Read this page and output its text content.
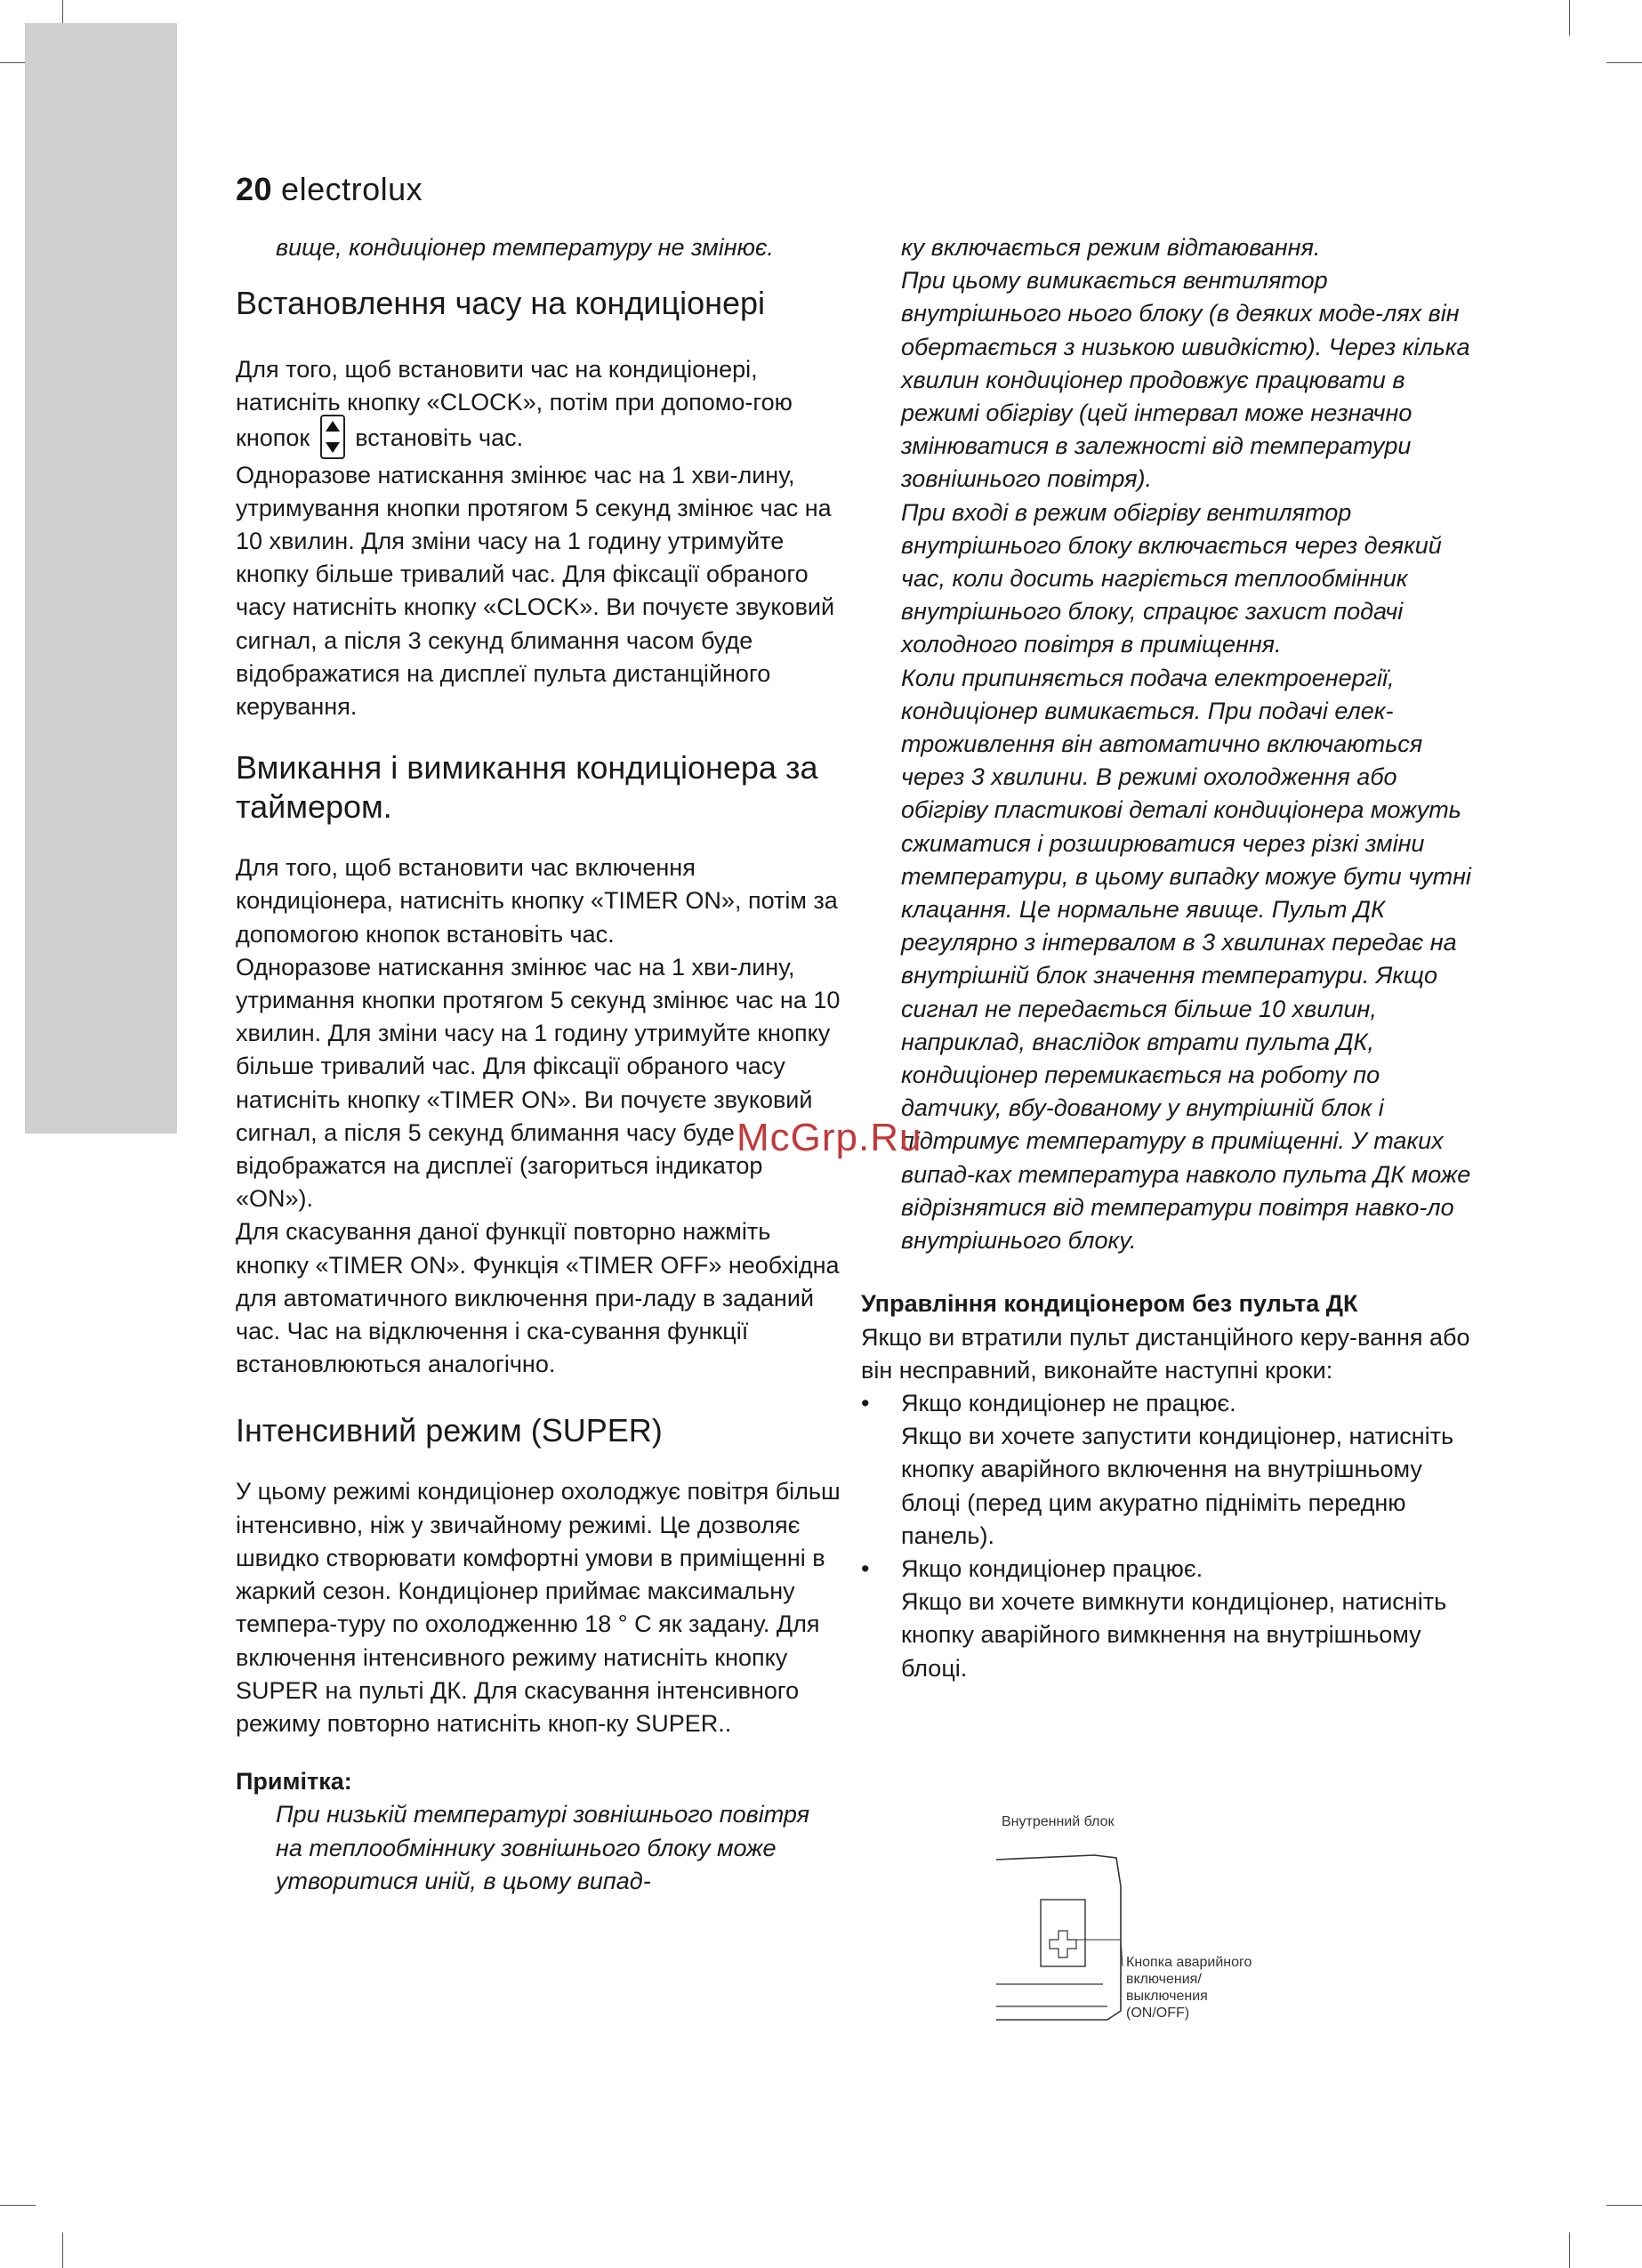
20 electrolux

вище, кондиціонер температуру не змінює.

Встановлення часу на кондиціонері

Для того, щоб встановити час на кондиціонері, натисніть кнопку «CLOCK», потім при допомо-гою кнопок встановіть час.

Одноразове натискання змінює час на 1 хви-лину, утримування кнопки протягом 5 секунд змінює час на 10 хвилин. Для зміни часу на 1 годину утримуйте кнопку більше тривалий час. Для фіксації обраного часу натисніть кнопку «CLOCK». Ви почуєте звуковий сигнал, а після 3 секунд блимання часом буде відображатися на дисплеї пульта дистанційного керування.

Вмикання і вимикання кондиціонера за таймером.

Для того, щоб встановити час включення кондиціонера, натисніть кнопку «TIMER ON», потім за допомогою кнопок встановіть час.

Одноразове натискання змінює час на 1 хви-лину, утримання кнопки протягом 5 секунд змінює час на 10 хвилин. Для зміни часу на 1 годину утримуйте кнопку більше тривалий час. Для фіксації обраного часу натисніть кнопку «TIMER ON». Ви почуєте звуковий сигнал, а після 5 секунд блимання часу буде відображатся на дисплеї (загориться індикатор «ON»).

Для скасування даної функції повторно нажміть кнопку «TIMER ON». Функція «TIMER OFF» необхідна для автоматичного виключення при-ладу в заданий час. Час на відключення і ска-сування функції встановлюються аналогічно.

Інтенсивний режим (SUPER)

У цьому режимі кондиціонер охолоджує повітря більш інтенсивно, ніж у звичайному режимі. Це дозволяє швидко створювати комфортні умови в приміщенні в жаркий сезон. Кондиціонер приймає максимальну темпера-туру по охолодженню 18 ° С як задану. Для включення інтенсивного режиму натисніть кнопку SUPER на пульті ДК. Для скасування інтенсивного режиму повторно натисніть кноп-ку SUPER..

Примітка:

При низькій температурі зовнішнього повітря на теплообміннику зовнішнього блоку може утворитися иній, в цьому випад-

ку включається режим відтаювання.

При цьому вимикається вентилятор внутрішнього нього блоку (в деяких моде-лях він обертається з низькою швидкістю). Через кілька хвилин кондиціонер продовжує працювати в режимі обігріву (цей інтервал може незначно змінюватися в залежності від температури зовнішнього повітря).

При вході в режим обігріву вентилятор внутрішнього блоку включається через деякий час, коли досить нагріється теплообмінник внутрішнього блоку, спрацює захист подачі холодного повітря в приміщення.

Коли припиняється подача електроенергії, кондиціонер вимикається. При подачі елек-троживлення він автоматично включаються через 3 хвилини. В режимі охолодження або обігріву пластикові деталі кондиціонера можуть сжиматися і розширюватися через різкі зміни температури, в цьому випадку можуе бути чутні клацання. Це нормальне явище. Пульт ДК регулярно з інтервалом в 3 хвилинах передає на внутрішній блок значення температури. Якщо сигнал не передається більше 10 хвилин, наприклад, внаслідок втрати пульта ДК, кондиціонер перемикається на роботу по датчику, вбу-дованому у внутрішній блок і підтримує температуру в приміщенні. У таких випад-ках температура навколо пульта ДК може відрізнятися від температури повітря навко-ло внутрішнього блоку.

Управління кондиціонером без пульта ДК

Якщо ви втратили пульт дистанційного керу-вання або він несправний, виконайте наступні кроки:

• Якщо кондиціонер не працює.
Якщо ви хочете запустити кондиціонер, натисніть кнопку аварійного включення на внутрішньому блоці (перед цим акуратно підніміть передню панель).
• Якщо кондиціонер працює.
Якщо ви хочете вимкнути кондиціонер, натисніть кнопку аварійного вимкнення на внутрішньому блоці.
Внутренний блок
Кнопка аварийного
включения/
выключения
(ON/OFF)
McGrp.Ru
